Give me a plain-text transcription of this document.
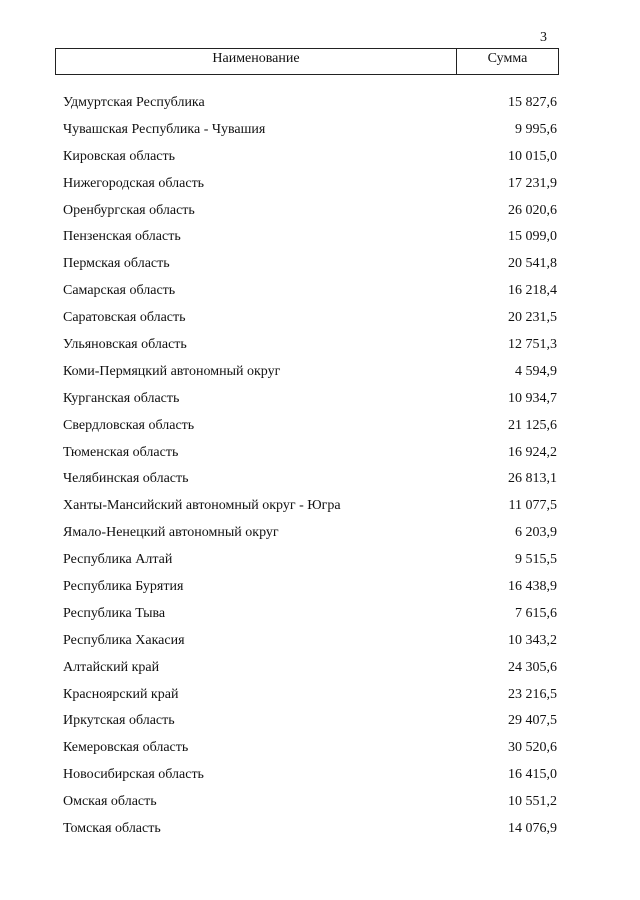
3
Наименование	Сумма
Удмуртская Республика	15 827,6
Чувашская Республика - Чувашия	9 995,6
Кировская область	10 015,0
Нижегородская область	17 231,9
Оренбургская область	26 020,6
Пензенская область	15 099,0
Пермская область	20 541,8
Самарская область	16 218,4
Саратовская область	20 231,5
Ульяновская область	12 751,3
Коми-Пермяцкий автономный округ	4 594,9
Курганская область	10 934,7
Свердловская область	21 125,6
Тюменская область	16 924,2
Челябинская область	26 813,1
Ханты-Мансийский автономный округ - Югра	11 077,5
Ямало-Ненецкий автономный округ	6 203,9
Республика Алтай	9 515,5
Республика Бурятия	16 438,9
Республика Тыва	7 615,6
Республика Хакасия	10 343,2
Алтайский край	24 305,6
Красноярский край	23 216,5
Иркутская область	29 407,5
Кемеровская область	30 520,6
Новосибирская область	16 415,0
Омская область	10 551,2
Томская область	14 076,9
